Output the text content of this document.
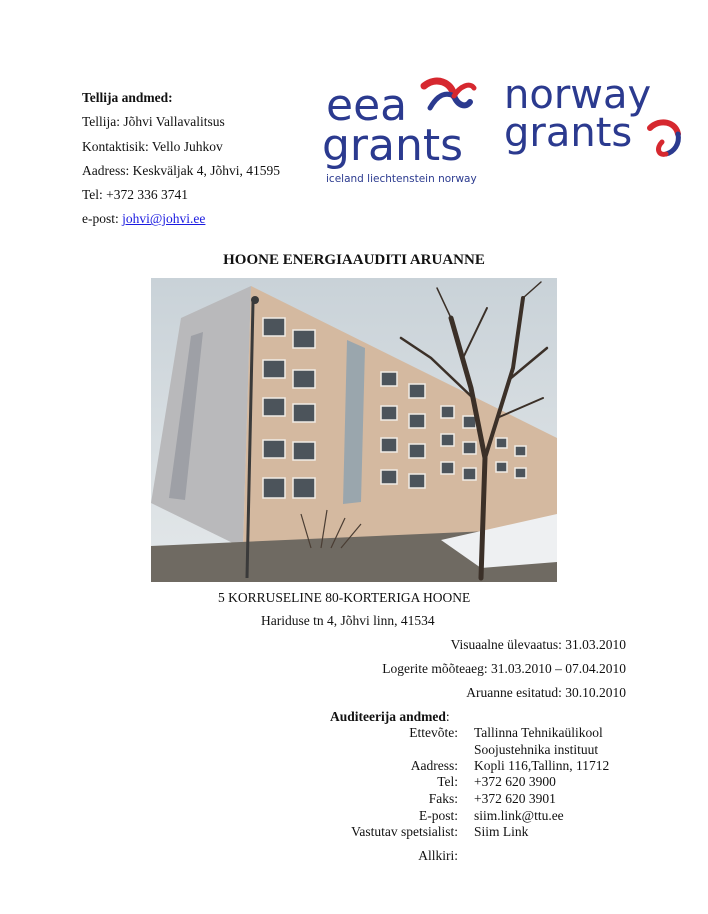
Tellija andmed:
Tellija: Jõhvi Vallavalitsus
Kontaktisik: Vello Juhkov
Aadress: Keskväljak 4, Jõhvi, 41595
Tel: +372 336 3741
e-post: johvi@johvi.ee
eea
grants
iceland liechtenstein norway
norway
grants
HOONE ENERGIAAUDITI ARUANNE
5 KORRUSELINE 80-KORTERIGA HOONE
Hariduse tn 4, Jõhvi linn, 41534
Visuaalne ülevaatus: 31.03.2010
Logerite mõõteaeg: 31.03.2010 – 07.04.2010
Aruanne esitatud: 30.10.2010
Auditeerija andmed:
Ettevõte: Tallinna Tehnikaülikool
Soojustehnika instituut
Aadress: Kopli 116,Tallinn, 11712
Tel: +372 620 3900
Faks: +372 620 3901
E-post: siim.link@ttu.ee
Vastutav spetsialist: Siim Link
Allkiri:
